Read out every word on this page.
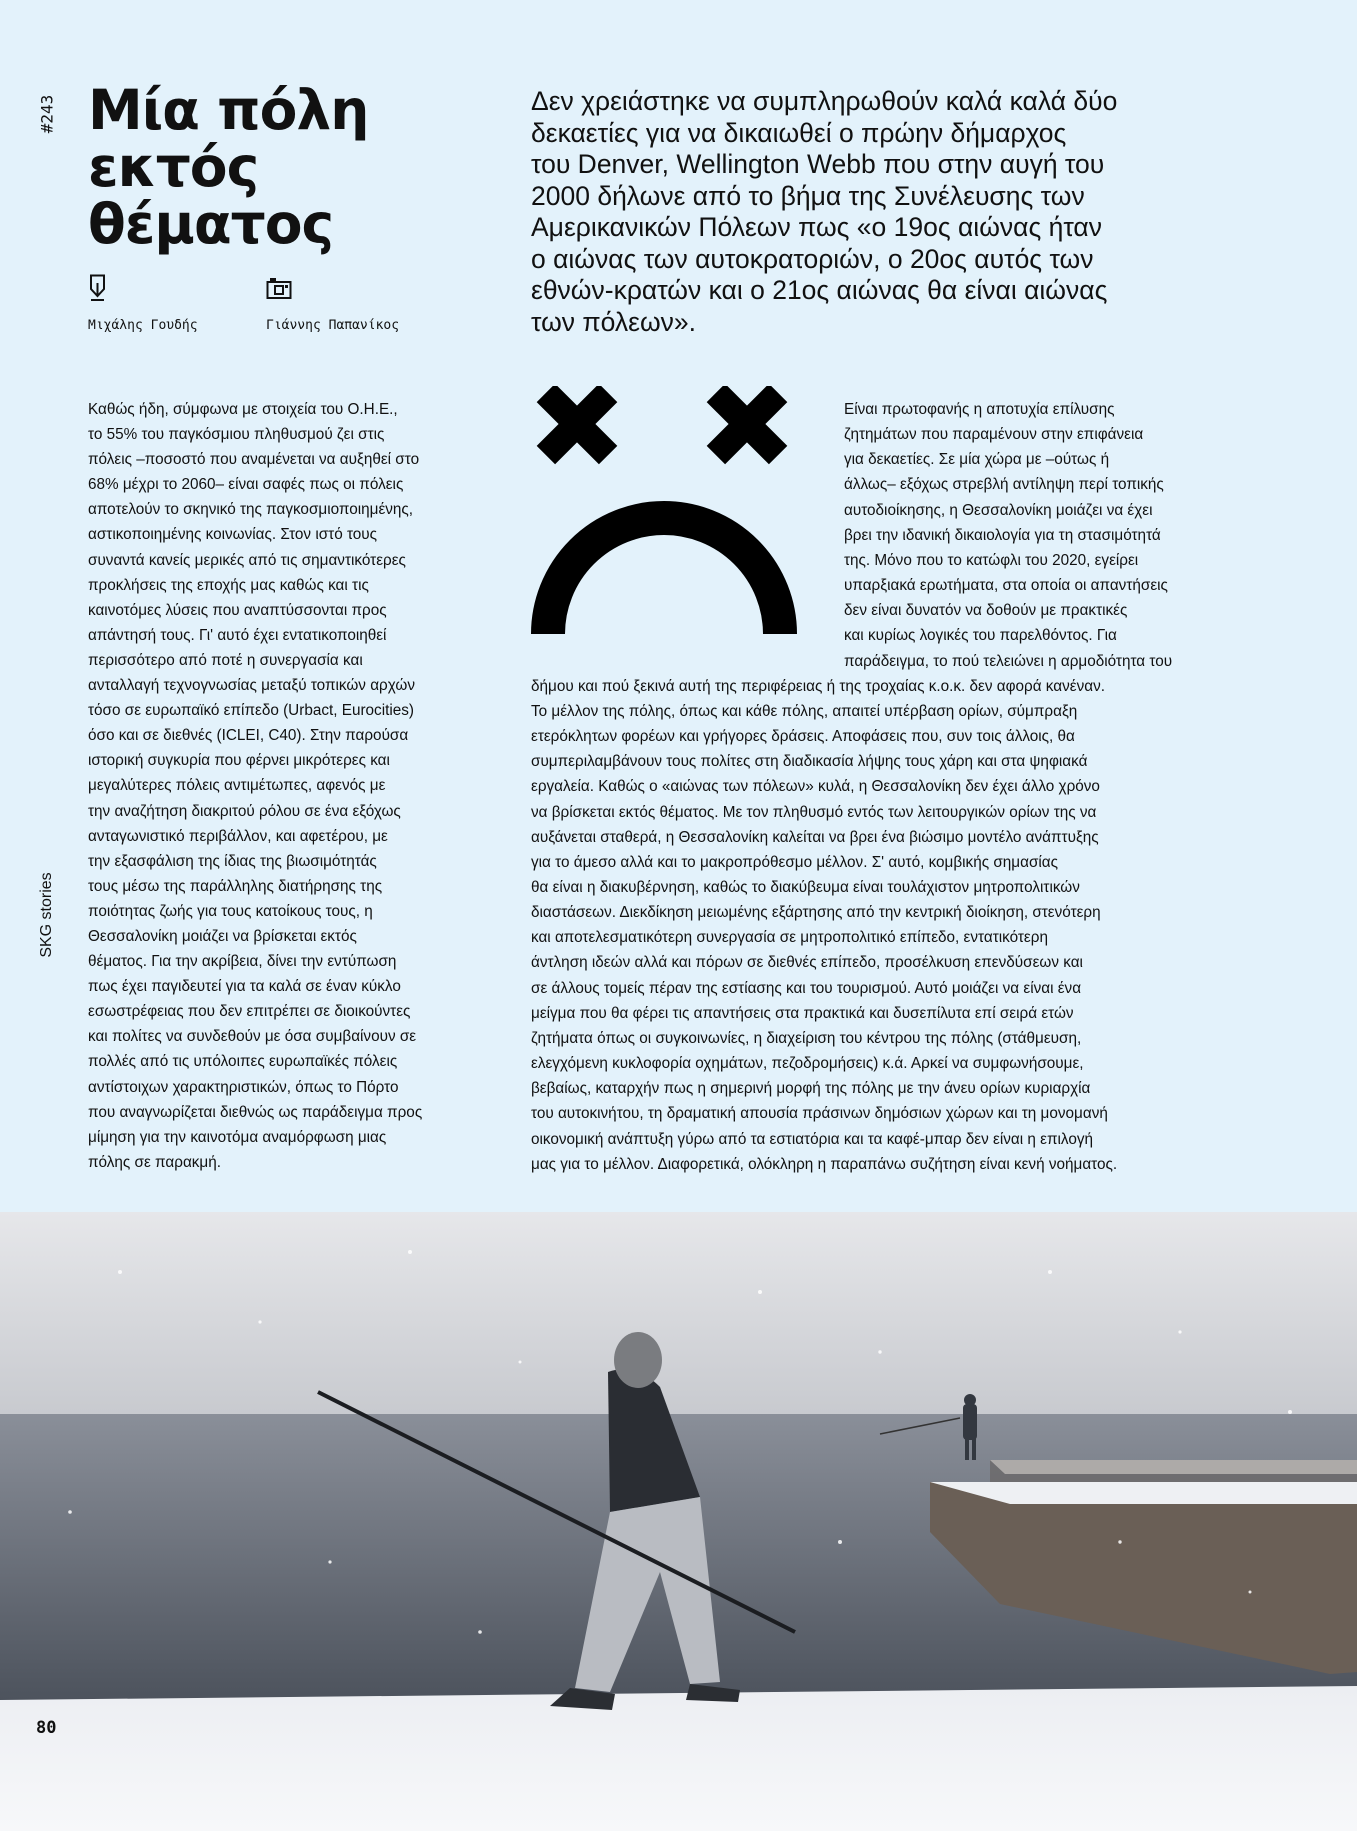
#243 Μία πόλη
εκτός
θέματος
Μιχάλης Γουδής	Γιάννης Παπανίκος

Δεν χρειάστηκε να συμπληρωθούν καλά καλά δύο
δεκαετίες για να δικαιωθεί ο πρώην δήμαρχος
του Denver, Wellington Webb που στην αυγή του
2000 δήλωνε από το βήμα της Συνέλευσης των
Αμερικανικών Πόλεων πως «ο 19ος αιώνας ήταν
ο αιώνας των αυτοκρατοριών, ο 20ος αυτός των
εθνών-κρατών και ο 21ος αιώνας θα είναι αιώνας
των πόλεων».

Καθώς ήδη, σύμφωνα με στοιχεία του Ο.Η.Ε.,
το 55% του παγκόσμιου πληθυσμού ζει στις
πόλεις –ποσοστό που αναμένεται να αυξηθεί στο
68% μέχρι το 2060– είναι σαφές πως οι πόλεις
αποτελούν το σκηνικό της παγκοσμιοποιημένης,
αστικοποιημένης κοινωνίας. Στον ιστό τους
συναντά κανείς μερικές από τις σημαντικότερες
προκλήσεις της εποχής μας καθώς και τις
καινοτόμες λύσεις που αναπτύσσονται προς
απάντησή τους. Γι' αυτό έχει εντατικοποιηθεί
περισσότερο από ποτέ η συνεργασία και
ανταλλαγή τεχνογνωσίας μεταξύ τοπικών αρχών
τόσο σε ευρωπαϊκό επίπεδο (Urbact, Eurocities)
όσο και σε διεθνές (ICLEI, C40). Στην παρούσα
ιστορική συγκυρία που φέρνει μικρότερες και
μεγαλύτερες πόλεις αντιμέτωπες, αφενός με
την αναζήτηση διακριτού ρόλου σε ένα εξόχως
ανταγωνιστικό περιβάλλον, και αφετέρου, με
την εξασφάλιση της ίδιας της βιωσιμότητάς
τους μέσω της παράλληλης διατήρησης της
ποιότητας ζωής για τους κατοίκους τους, η
Θεσσαλονίκη μοιάζει να βρίσκεται εκτός
θέματος. Για την ακρίβεια, δίνει την εντύπωση
πως έχει παγιδευτεί για τα καλά σε έναν κύκλο
εσωστρέφειας που δεν επιτρέπει σε διοικούντες
και πολίτες να συνδεθούν με όσα συμβαίνουν σε
πολλές από τις υπόλοιπες ευρωπαϊκές πόλεις
αντίστοιχων χαρακτηριστικών, όπως το Πόρτο
που αναγνωρίζεται διεθνώς ως παράδειγμα προς
μίμηση για την καινοτόμα αναμόρφωση μιας
πόλης σε παρακμή.
Είναι πρωτοφανής η αποτυχία επίλυσης
ζητημάτων που παραμένουν στην επιφάνεια
για δεκαετίες. Σε μία χώρα με –ούτως ή
άλλως– εξόχως στρεβλή αντίληψη περί τοπικής
αυτοδιοίκησης, η Θεσσαλονίκη μοιάζει να έχει
βρει την ιδανική δικαιολογία για τη στασιμότητά
της. Μόνο που το κατώφλι του 2020, εγείρει
υπαρξιακά ερωτήματα, στα οποία οι απαντήσεις
δεν είναι δυνατόν να δοθούν με πρακτικές
και κυρίως λογικές του παρελθόντος. Για
παράδειγμα, το πού τελειώνει η αρμοδιότητα του
δήμου και πού ξεκινά αυτή της περιφέρειας ή της τροχαίας κ.ο.κ. δεν αφορά κανέναν.
Το μέλλον της πόλης, όπως και κάθε πόλης, απαιτεί υπέρβαση ορίων, σύμπραξη
ετερόκλητων φορέων και γρήγορες δράσεις. Αποφάσεις που, συν τοις άλλοις, θα
συμπεριλαμβάνουν τους πολίτες στη διαδικασία λήψης τους χάρη και στα ψηφιακά
εργαλεία. Καθώς ο «αιώνας των πόλεων» κυλά, η Θεσσαλονίκη δεν έχει άλλο χρόνο
να βρίσκεται εκτός θέματος. Με τον πληθυσμό εντός των λειτουργικών ορίων της να
αυξάνεται σταθερά, η Θεσσαλονίκη καλείται να βρει ένα βιώσιμο μοντέλο ανάπτυξης
για το άμεσο αλλά και το μακροπρόθεσμο μέλλον. Σ' αυτό, κομβικής σημασίας
θα είναι η διακυβέρνηση, καθώς το διακύβευμα είναι τουλάχιστον μητροπολιτικών
διαστάσεων. Διεκδίκηση μειωμένης εξάρτησης από την κεντρική διοίκηση, στενότερη
και αποτελεσματικότερη συνεργασία σε μητροπολιτικό επίπεδο, εντατικότερη
άντληση ιδεών αλλά και πόρων σε διεθνές επίπεδο, προσέλκυση επενδύσεων και
σε άλλους τομείς πέραν της εστίασης και του τουρισμού. Αυτό μοιάζει να είναι ένα
μείγμα που θα φέρει τις απαντήσεις στα πρακτικά και δυσεπίλυτα επί σειρά ετών
ζητήματα όπως οι συγκοινωνίες, η διαχείριση του κέντρου της πόλης (στάθμευση,
ελεγχόμενη κυκλοφορία οχημάτων, πεζοδρομήσεις) κ.ά. Αρκεί να συμφωνήσουμε,
βεβαίως, καταρχήν πως η σημερινή μορφή της πόλης με την άνευ ορίων κυριαρχία
του αυτοκινήτου, τη δραματική απουσία πράσινων δημόσιων χώρων και τη μονομανή
οικονομική ανάπτυξη γύρω από τα εστιατόρια και τα καφέ-μπαρ δεν είναι η επιλογή
μας για το μέλλον. Διαφορετικά, ολόκληρη η παραπάνω συζήτηση είναι κενή νοήματος.
SKG stories
80
